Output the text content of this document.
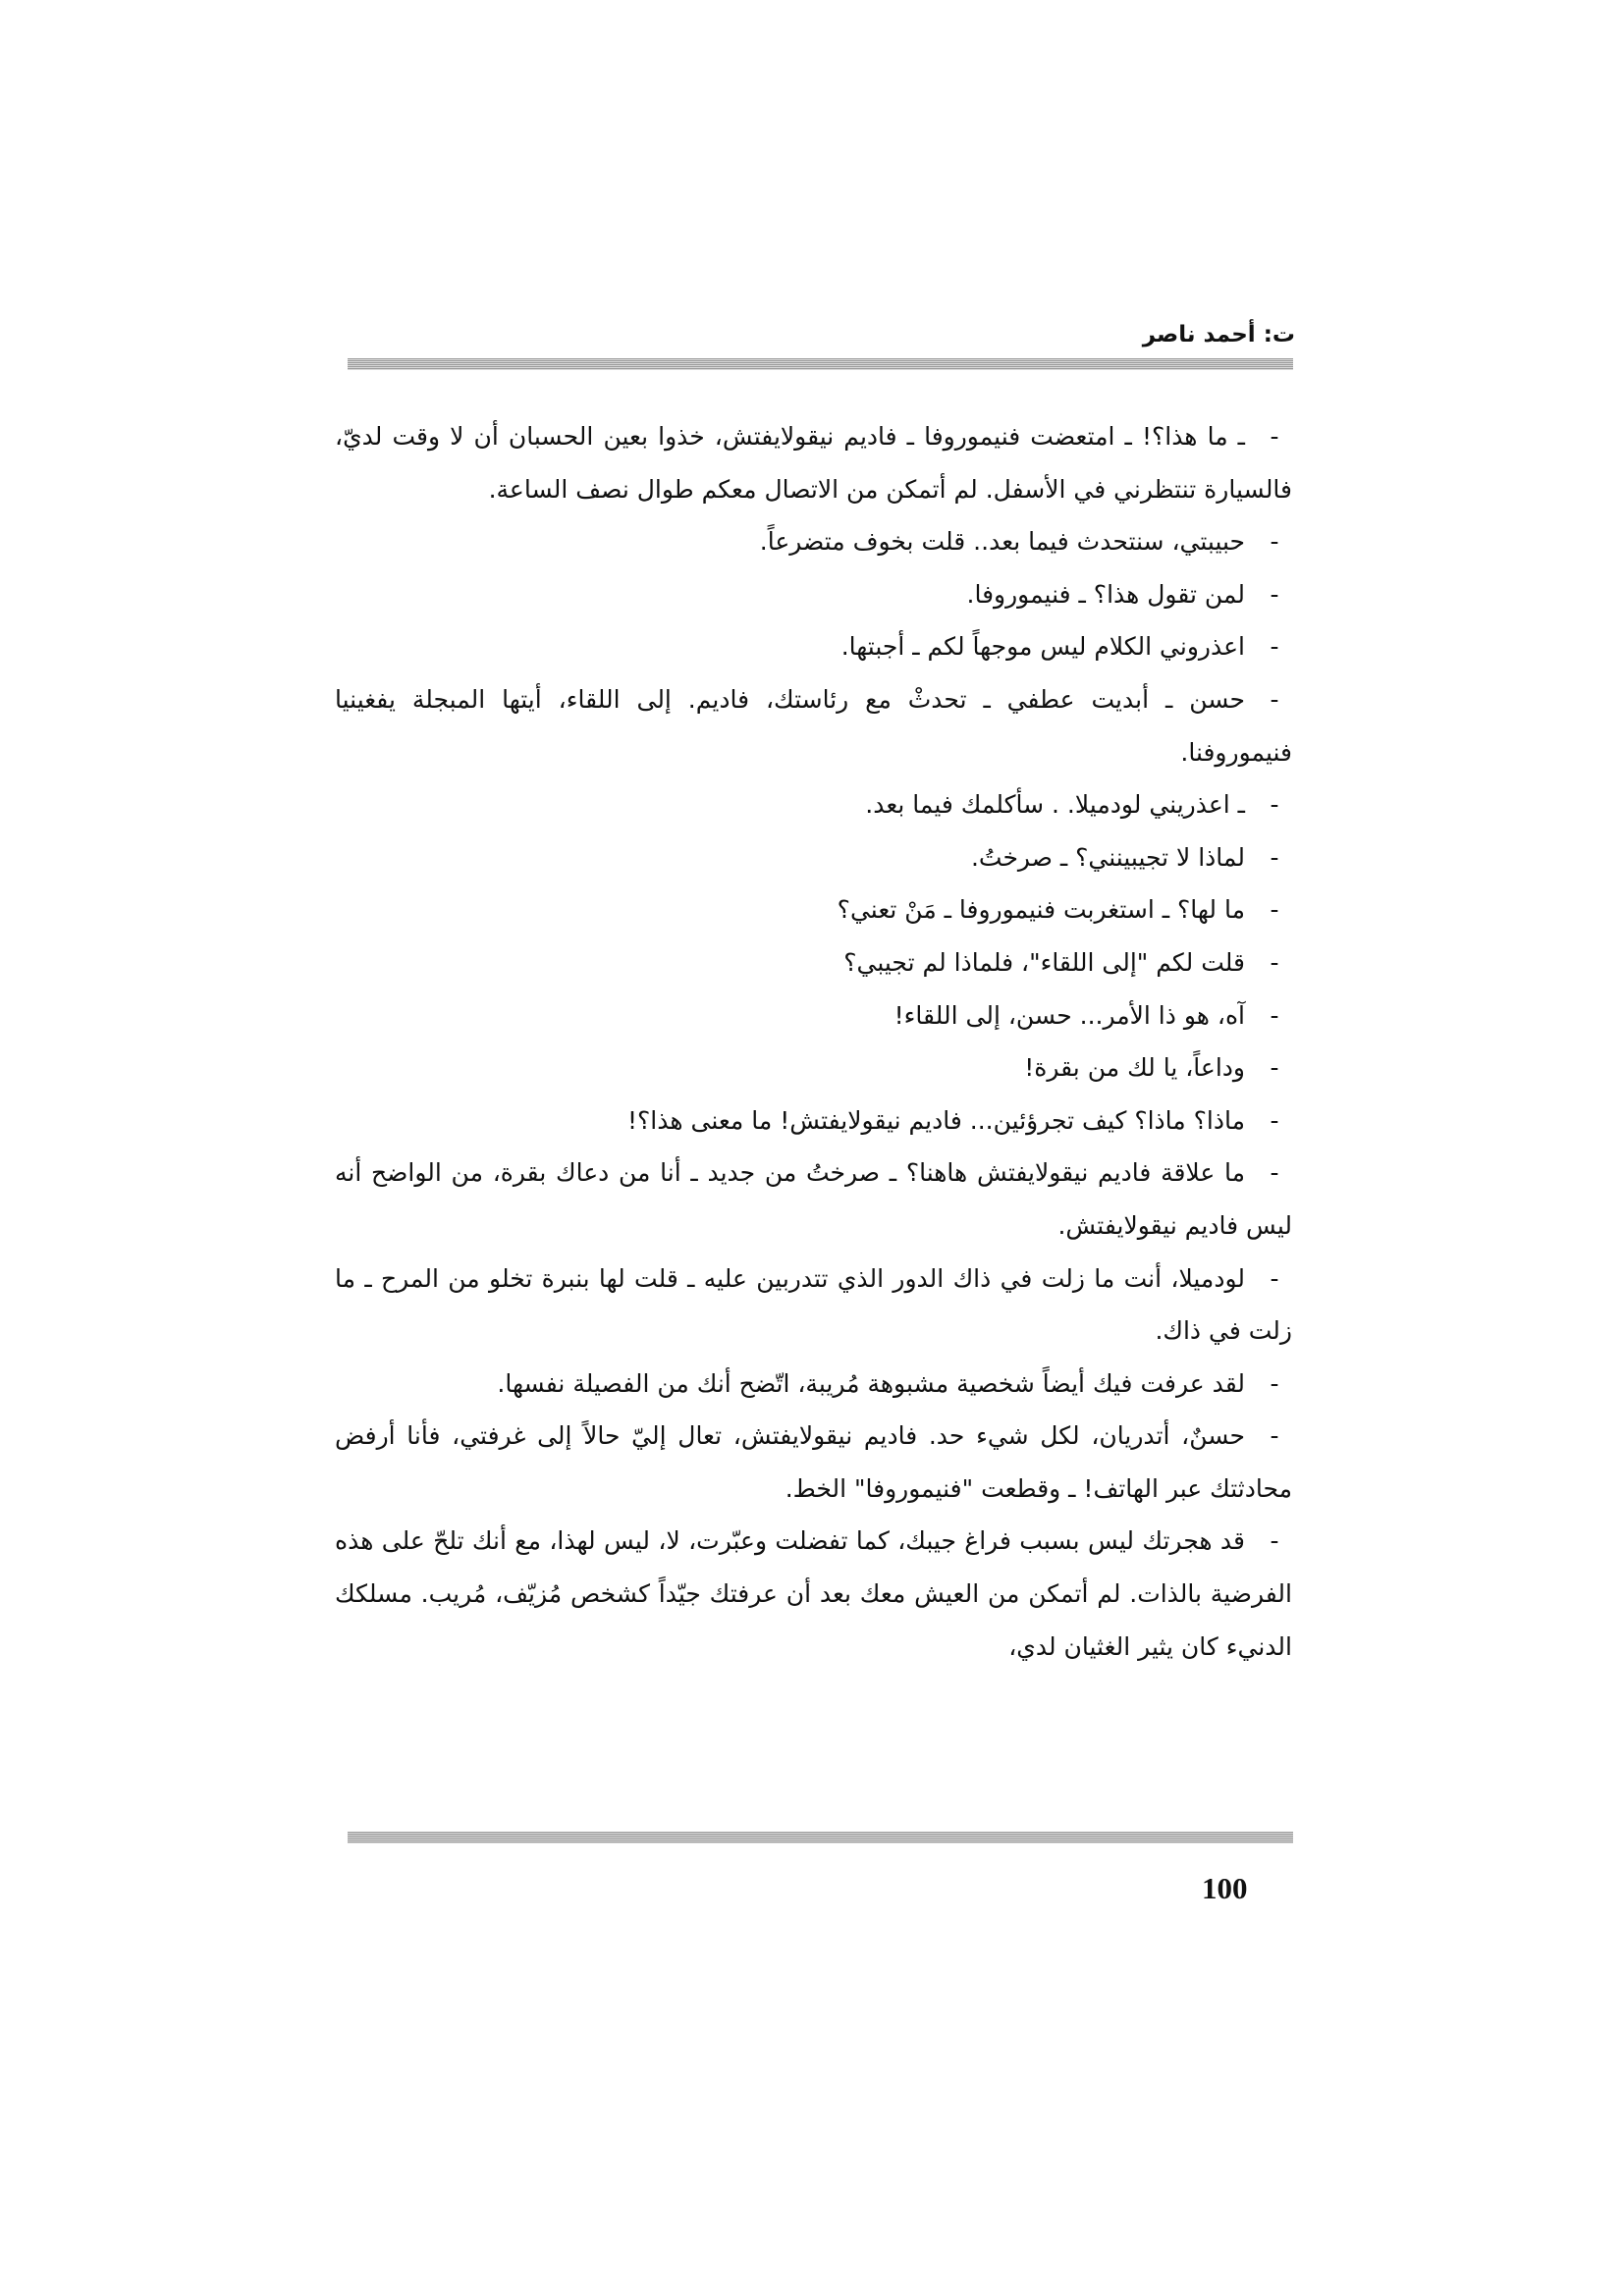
ت: أحمد ناصر

-ـ ما هذا؟! ـ امتعضت فنيموروفا ـ فاديم نيقولايفتش، خذوا بعين الحسبان أن لا وقت لديّ، فالسيارة تنتظرني في الأسفل. لم أتمكن من الاتصال معكم طوال نصف الساعة.

-حبيبتي، سنتحدث فيما بعد.. قلت بخوف متضرعاً.

-لمن تقول هذا؟ ـ فنيموروفا.

-اعذروني الكلام ليس موجهاً لكم ـ أجبتها.

-حسن ـ أبديت عطفي ـ تحدثْ مع رئاستك، فاديم. إلى اللقاء، أيتها المبجلة يفغينيا فنيموروفنا.

-ـ اعذريني لودميلا. . سأكلمك فيما بعد.

-لماذا لا تجيبينني؟ ـ صرختُ.

-ما لها؟ ـ استغربت فنيموروفا ـ مَنْ تعني؟

-قلت لكم "إلى اللقاء"، فلماذا لم تجيبي؟

-آه، هو ذا الأمر... حسن، إلى اللقاء!

-وداعاً، يا لك من بقرة!

-ماذا؟ ماذا؟ كيف تجرؤئين... فاديم نيقولايفتش! ما معنى هذا؟!

-ما علاقة فاديم نيقولايفتش هاهنا؟ ـ صرختُ من جديد ـ أنا من دعاك بقرة، من الواضح أنه ليس فاديم نيقولايفتش.

-لودميلا، أنت ما زلت في ذاك الدور الذي تتدربين عليه ـ قلت لها بنبرة تخلو من المرح ـ ما زلت في ذاك.

-لقد عرفت فيك أيضاً شخصية مشبوهة مُريبة، اتّضح أنك من الفصيلة نفسها.

-حسنٌ، أتدريان، لكل شيء حد. فاديم نيقولايفتش، تعال إليّ حالاً إلى غرفتي، فأنا أرفض محادثتك عبر الهاتف! ـ وقطعت "فنيموروفا" الخط.

-قد هجرتك ليس بسبب فراغ جيبك، كما تفضلت وعبّرت، لا، ليس لهذا، مع أنك تلحّ على هذه الفرضية بالذات. لم أتمكن من العيش معك بعد أن عرفتك جيّداً كشخص مُزيّف، مُريب. مسلكك الدنيء كان يثير الغثيان لدي،

100
